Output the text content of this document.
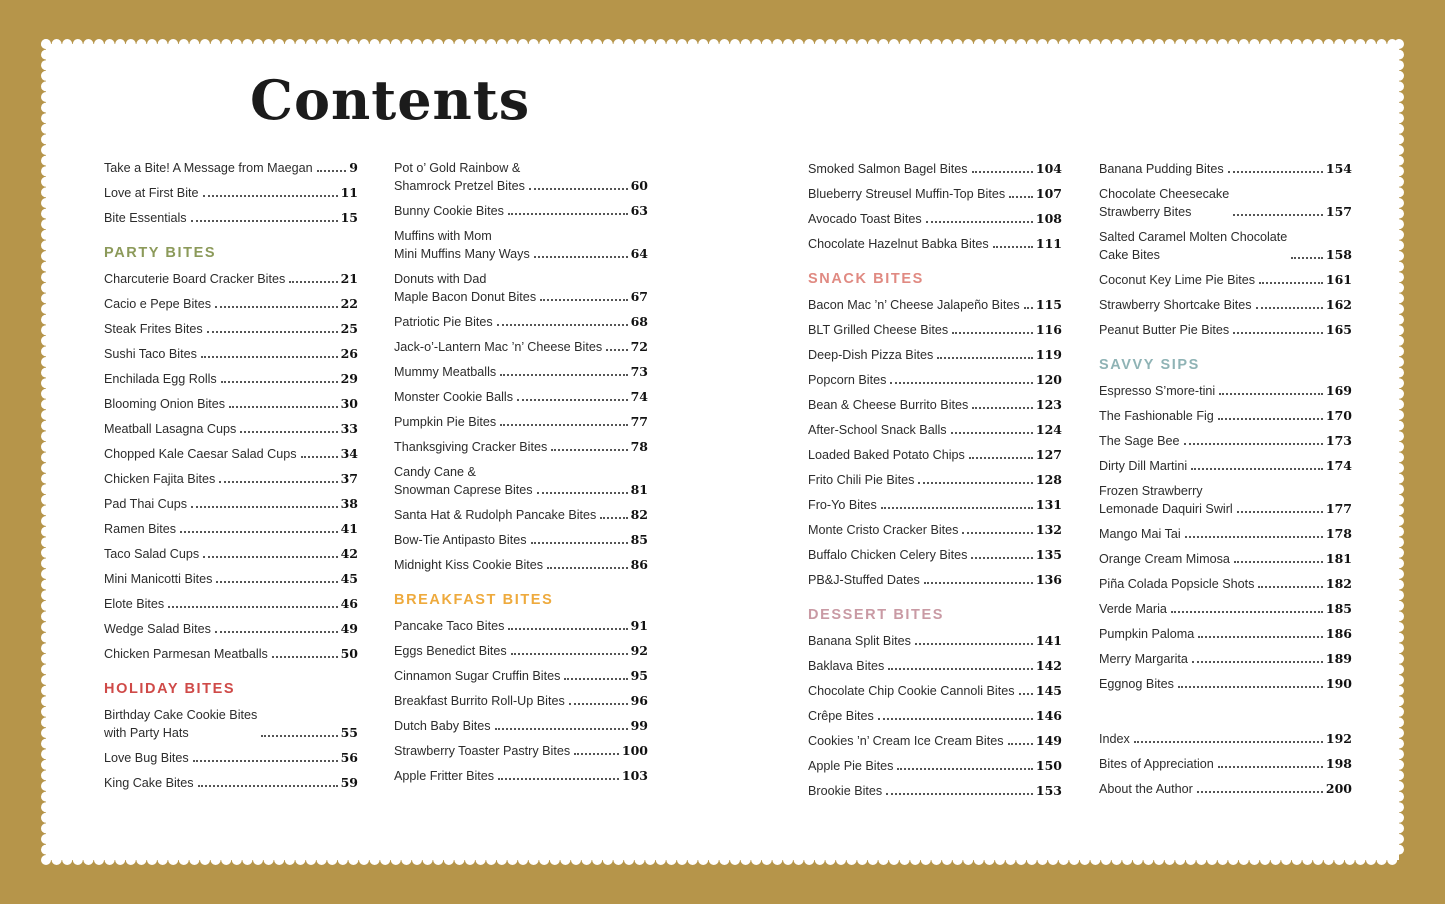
Contents
Take a Bite! A Message from Maegan	9
Love at First Bite	11
Bite Essentials	15
PARTY BITES
Charcuterie Board Cracker Bites	21
Cacio e Pepe Bites	22
Steak Frites Bites	25
Sushi Taco Bites	26
Enchilada Egg Rolls	29
Blooming Onion Bites	30
Meatball Lasagna Cups	33
Chopped Kale Caesar Salad Cups	34
Chicken Fajita Bites	37
Pad Thai Cups	38
Ramen Bites	41
Taco Salad Cups	42
Mini Manicotti Bites	45
Elote Bites	46
Wedge Salad Bites	49
Chicken Parmesan Meatballs	50
HOLIDAY BITES
Birthday Cake Cookie Bites
with Party Hats	55
Love Bug Bites	56
King Cake Bites	59
Pot o’ Gold Rainbow &
Shamrock Pretzel Bites	60
Bunny Cookie Bites	63
Muffins with Mom
Mini Muffins Many Ways	64
Donuts with Dad
Maple Bacon Donut Bites	67
Patriotic Pie Bites	68
Jack-o’-Lantern Mac ’n’ Cheese Bites 72
Mummy Meatballs	73
Monster Cookie Balls	74
Pumpkin Pie Bites	77
Thanksgiving Cracker Bites	78
Candy Cane &
Snowman Caprese Bites	81
Santa Hat & Rudolph Pancake Bites	82
Bow-Tie Antipasto Bites	85
Midnight Kiss Cookie Bites	86
BREAKFAST BITES
Pancake Taco Bites	91
Eggs Benedict Bites	92
Cinnamon Sugar Cruffin Bites	95
Breakfast Burrito Roll-Up Bites	96
Dutch Baby Bites	99
Strawberry Toaster Pastry Bites	100
Apple Fritter Bites	103
Smoked Salmon Bagel Bites	104
Blueberry Streusel Muffin-Top Bites 107
Avocado Toast Bites	108
Chocolate Hazelnut Babka Bites	111
SNACK BITES
Bacon Mac ’n’ Cheese Jalapeño Bites 115
BLT Grilled Cheese Bites	116
Deep-Dish Pizza Bites	119
Popcorn Bites	120
Bean & Cheese Burrito Bites	123
After-School Snack Balls	124
Loaded Baked Potato Chips	127
Frito Chili Pie Bites	128
Fro-Yo Bites	131
Monte Cristo Cracker Bites	132
Buffalo Chicken Celery Bites	135
PB&J-Stuffed Dates	136
DESSERT BITES
Banana Split Bites	141
Baklava Bites	142
Chocolate Chip Cookie Cannoli Bites 145
Crêpe Bites	146
Cookies ’n’ Cream Ice Cream Bites	149
Apple Pie Bites	150
Brookie Bites	153
Banana Pudding Bites	154
Chocolate Cheesecake
Strawberry Bites	157
Salted Caramel Molten Chocolate
Cake Bites	158
Coconut Key Lime Pie Bites	161
Strawberry Shortcake Bites	162
Peanut Butter Pie Bites	165
SAVVY SIPS
Espresso S’more-tini	169
The Fashionable Fig	170
The Sage Bee	173
Dirty Dill Martini	174
Frozen Strawberry
Lemonade Daquiri Swirl	177
Mango Mai Tai	178
Orange Cream Mimosa	181
Piña Colada Popsicle Shots	182
Verde Maria	185
Pumpkin Paloma	186
Merry Margarita	189
Eggnog Bites	190
Index	192
Bites of Appreciation	198
About the Author	200
